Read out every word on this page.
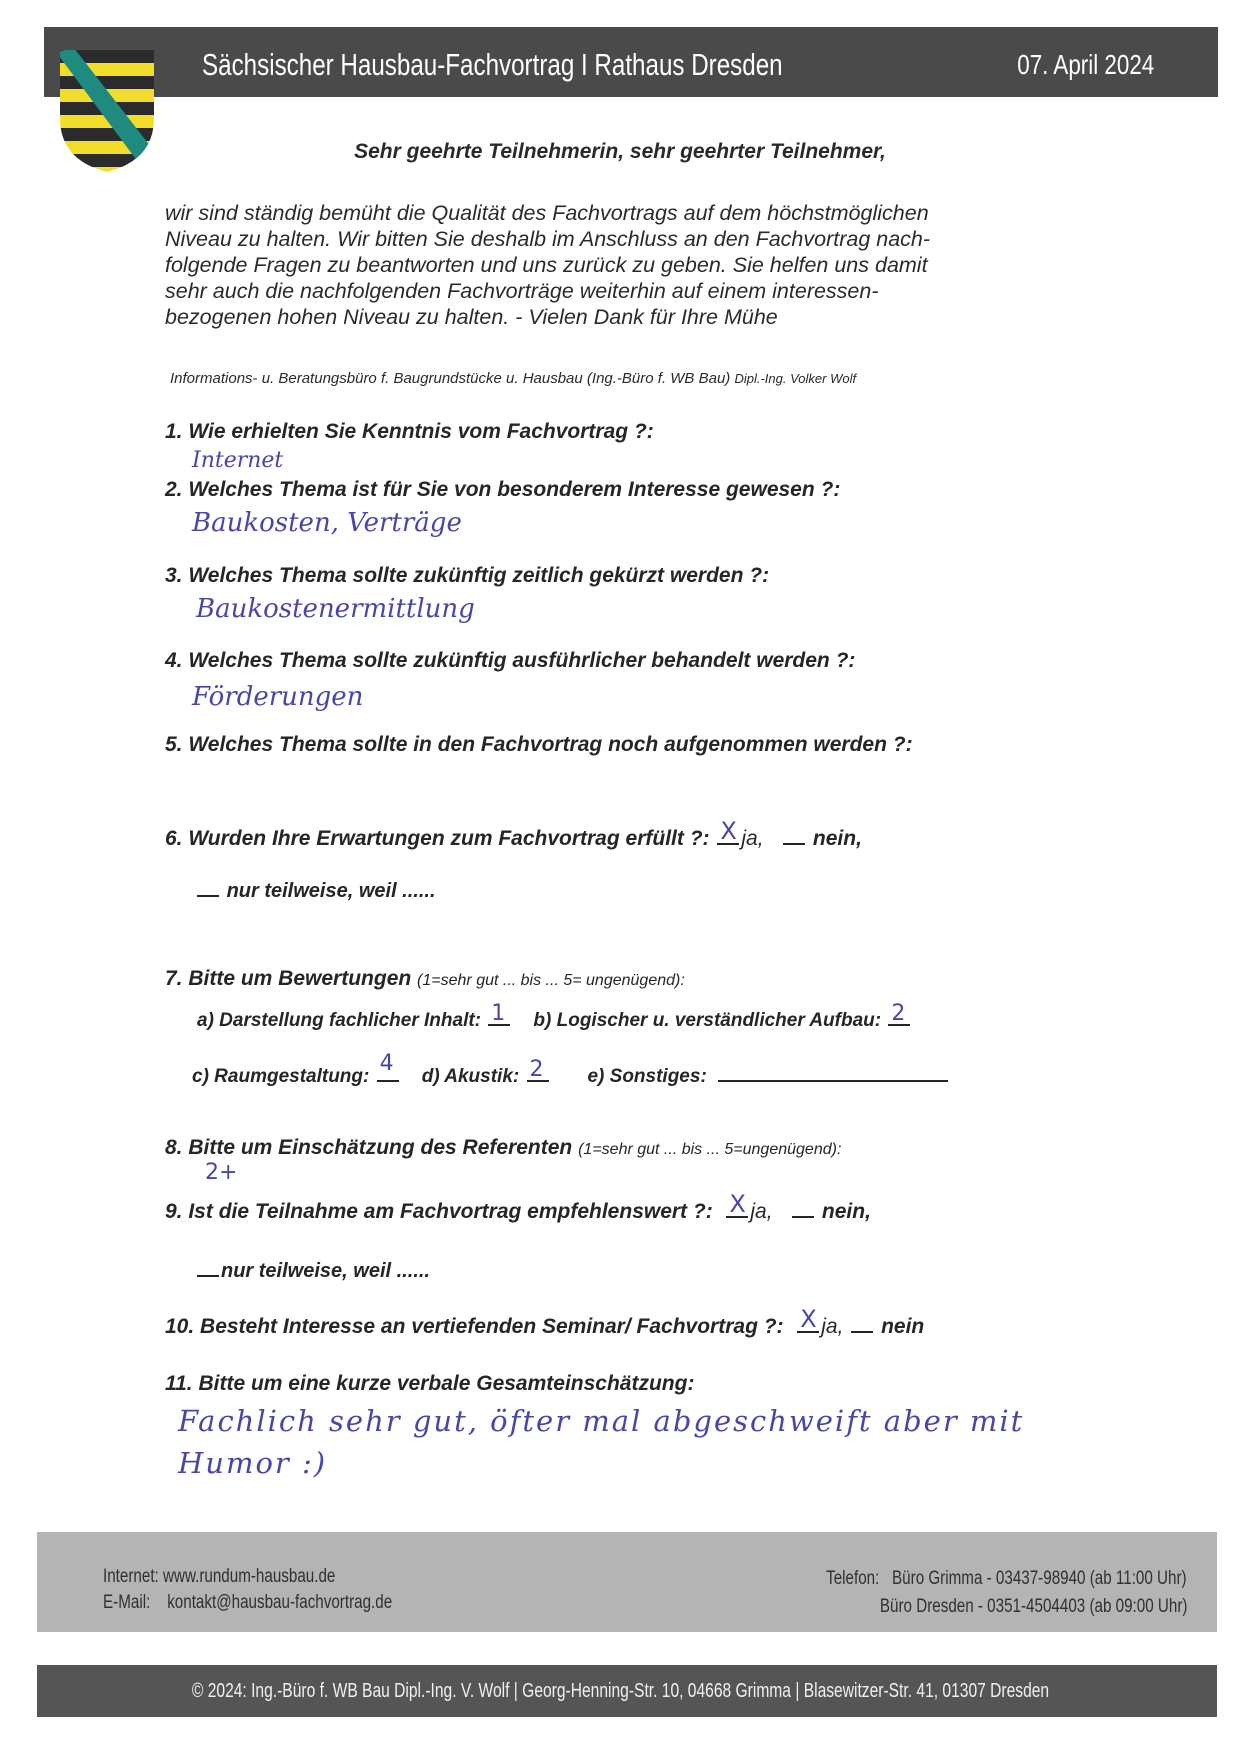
Sächsischer Hausbau-Fachvortrag I Rathaus Dresden	07. April 2024
Sehr geehrte Teilnehmerin, sehr geehrter Teilnehmer,
wir sind ständig bemüht die Qualität des Fachvortrags auf dem höchstmöglichen
Niveau zu halten. Wir bitten Sie deshalb im Anschluss an den Fachvortrag nach-
folgende Fragen zu beantworten und uns zurück zu geben. Sie helfen uns damit
sehr auch die nachfolgenden Fachvorträge weiterhin auf einem interessen-
bezogenen hohen Niveau zu halten. - Vielen Dank für Ihre Mühe
Informations- u. Beratungsbüro f. Baugrundstücke u. Hausbau (Ing.-Büro f. WB Bau) Dipl.-Ing. Volker Wolf
1. Wie erhielten Sie Kenntnis vom Fachvortrag ?:
Internet
2. Welches Thema ist für Sie von besonderem Interesse gewesen ?:
Baukosten, Verträge
3. Welches Thema sollte zukünftig zeitlich gekürzt werden ?:
Baukostenermittlung
4. Welches Thema sollte zukünftig ausführlicher behandelt werden ?:
Förderungen
5. Welches Thema sollte in den Fachvortrag noch aufgenommen werden ?:
6. Wurden Ihre Erwartungen zum Fachvortrag erfüllt ?: X ja, nein,
nur teilweise, weil ......
7. Bitte um Bewertungen (1=sehr gut ... bis ... 5= ungenügend):
a) Darstellung fachlicher Inhalt: 1 b) Logischer u. verständlicher Aufbau: 2
c) Raumgestaltung:
4
d) Akustik: 2 e) Sonstiges:
8. Bitte um Einschätzung des Referenten (1=sehr gut ... bis ... 5=ungenügend):
2+
9. Ist die Teilnahme am Fachvortrag empfehlenswert ?: X ja, nein,
nur teilweise, weil ......
10. Besteht Interesse an vertiefenden Seminar/ Fachvortrag ?: X ja, nein
11. Bitte um eine kurze verbale Gesamteinschätzung:
Fachlich sehr gut, öfter mal abgeschweift aber mit
Humor :)
Internet: www.rundum-hausbau.de
E-Mail: kontakt@hausbau-fachvortrag.de
Telefon: Büro Grimma - 03437-98940 (ab 11:00 Uhr)
Büro Dresden - 0351-4504403 (ab 09:00 Uhr)
© 2024: Ing.-Büro f. WB Bau Dipl.-Ing. V. Wolf | Georg-Henning-Str. 10, 04668 Grimma | Blasewitzer-Str. 41, 01307 Dresden
